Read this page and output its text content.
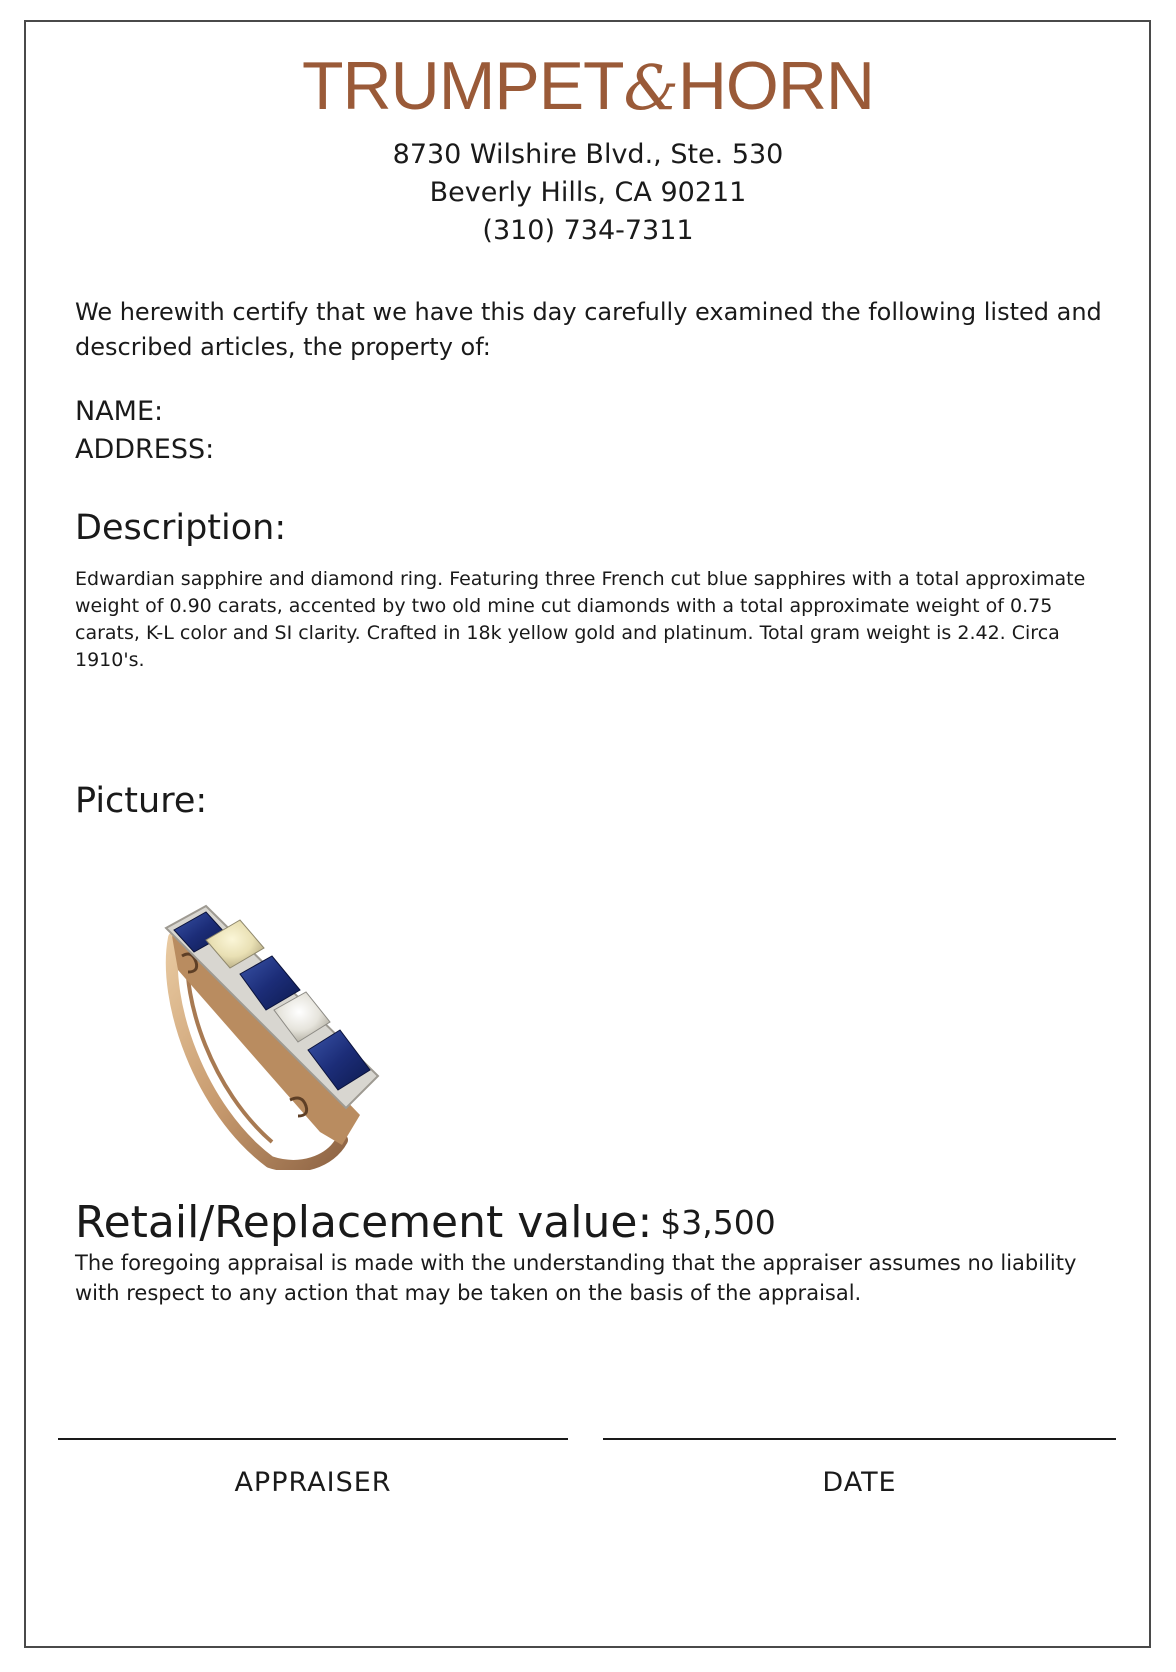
TRUMPET&HORN
8730 Wilshire Blvd., Ste. 530
Beverly Hills, CA 90211
(310) 734-7311
We herewith certify that we have this day carefully examined the following listed and described articles, the property of:
NAME:
ADDRESS:
Description:
Edwardian sapphire and diamond ring. Featuring three French cut blue sapphires with a total approximate weight of 0.90 carats, accented by two old mine cut diamonds with a total approximate weight of 0.75 carats, K-L color and SI clarity. Crafted in 18k yellow gold and platinum. Total gram weight is 2.42. Circa 1910's.
Picture:
Retail/Replacement value: $3,500
The foregoing appraisal is made with the understanding that the appraiser assumes no liability with respect to any action that may be taken on the basis of the appraisal.
APPRAISER	DATE
